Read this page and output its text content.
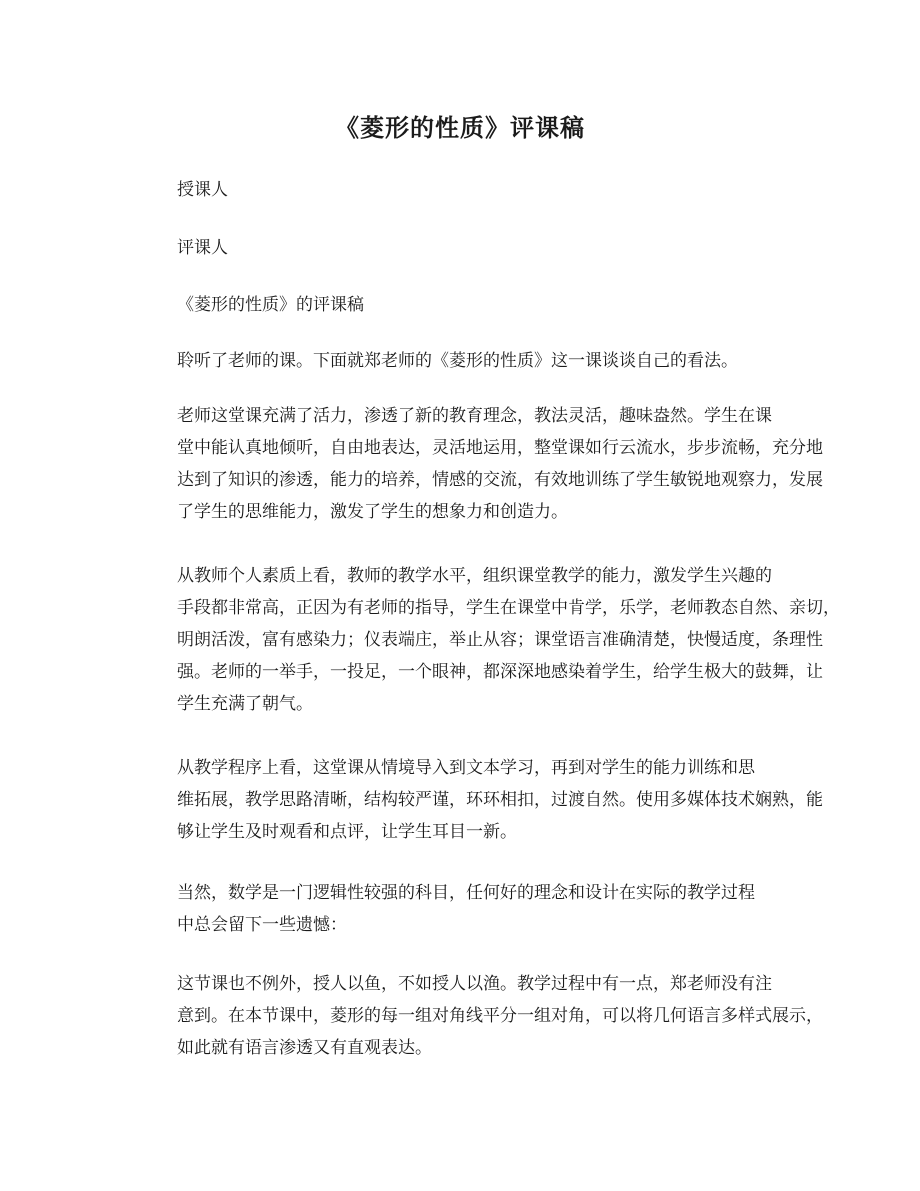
《菱形的性质》评课稿
授课人
评课人
《菱形的性质》的评课稿
聆听了老师的课。下面就郑老师的《菱形的性质》这一课谈谈自己的看法。
老师这堂课充满了活力，渗透了新的教育理念，教法灵活，趣味盎然。学生在课
堂中能认真地倾听，自由地表达，灵活地运用，整堂课如行云流水，步步流畅，充分地
达到了知识的渗透，能力的培养，情感的交流，有效地训练了学生敏锐地观察力，发展
了学生的思维能力，激发了学生的想象力和创造力。
从教师个人素质上看，教师的教学水平，组织课堂教学的能力，激发学生兴趣的
手段都非常高，正因为有老师的指导，学生在课堂中肯学，乐学，老师教态自然、亲切，
明朗活泼，富有感染力；仪表端庄，举止从容；课堂语言准确清楚，快慢适度，条理性
强。老师的一举手，一投足，一个眼神，都深深地感染着学生，给学生极大的鼓舞，让
学生充满了朝气。
从教学程序上看，这堂课从情境导入到文本学习，再到对学生的能力训练和思
维拓展，教学思路清晰，结构较严谨，环环相扣，过渡自然。使用多媒体技术娴熟，能
够让学生及时观看和点评，让学生耳目一新。
当然，数学是一门逻辑性较强的科目，任何好的理念和设计在实际的教学过程
中总会留下一些遗憾：
这节课也不例外，授人以鱼，不如授人以渔。教学过程中有一点，郑老师没有注
意到。在本节课中，菱形的每一组对角线平分一组对角，可以将几何语言多样式展示，
如此就有语言渗透又有直观表达。
